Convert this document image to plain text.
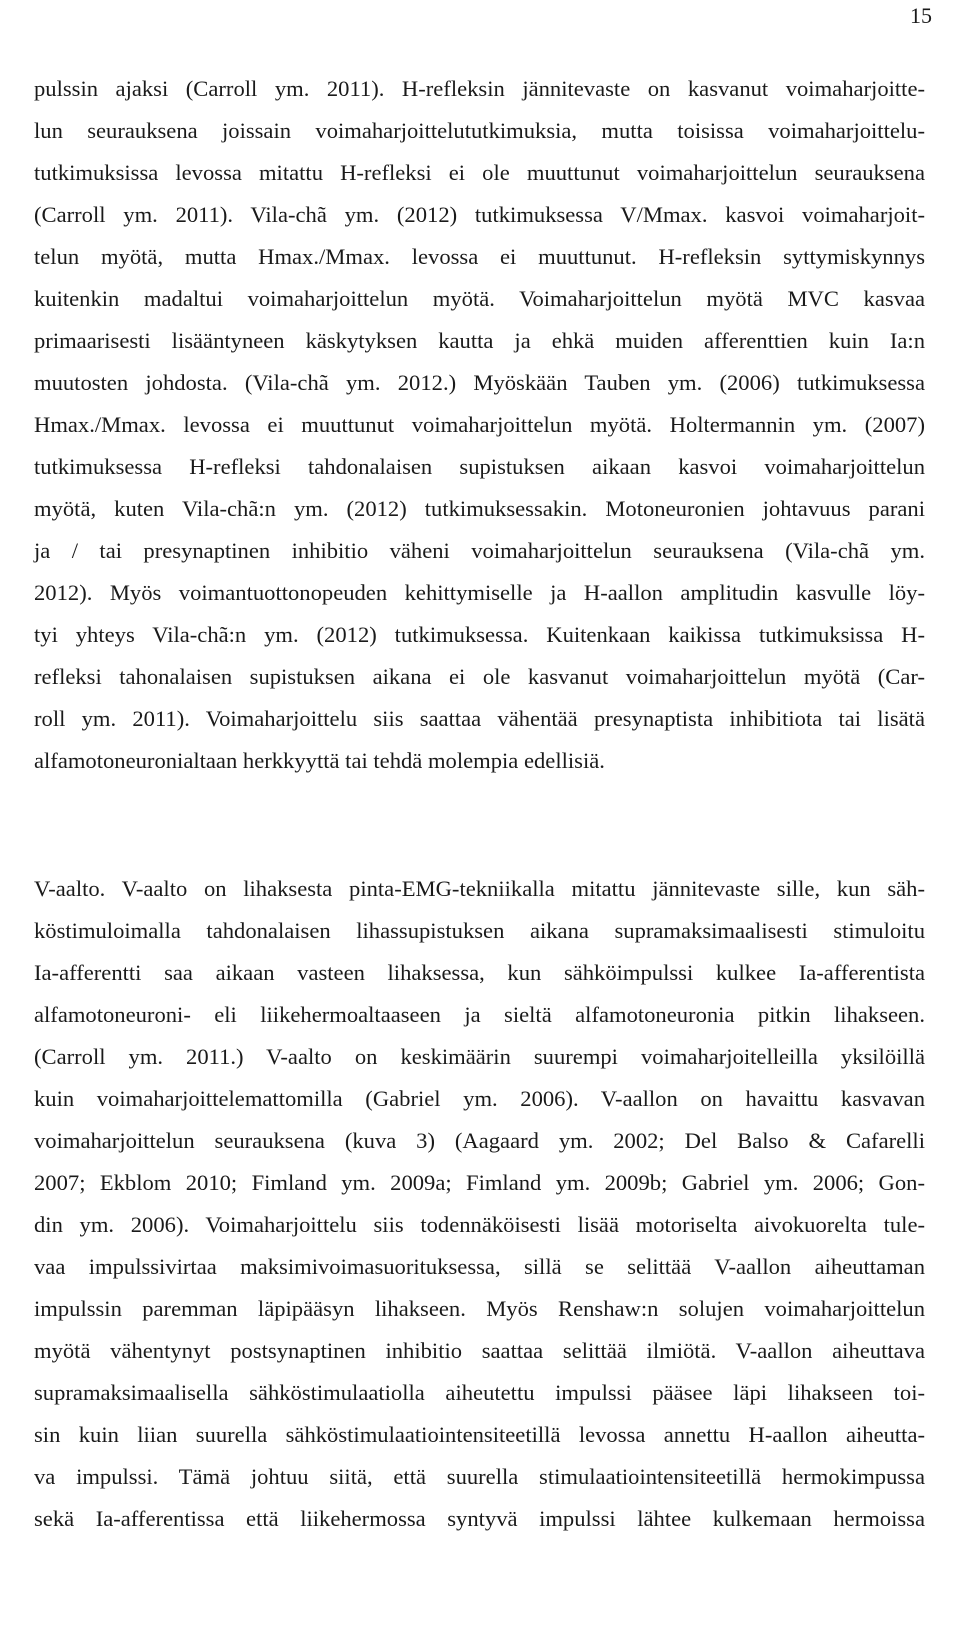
15
pulssin ajaksi (Carroll ym. 2011). H-refleksin jännitevaste on kasvanut voimaharjoitte-
lun seurauksena joissain voimaharjoittelututkimuksia, mutta toisissa voimaharjoittelu-
tutkimuksissa levossa mitattu H-refleksi ei ole muuttunut voimaharjoittelun seurauksena
(Carroll ym. 2011). Vila-chã ym. (2012) tutkimuksessa V/Mmax. kasvoi voimaharjoit-
telun myötä, mutta Hmax./Mmax. levossa ei muuttunut. H-refleksin syttymiskynnys
kuitenkin madaltui voimaharjoittelun myötä. Voimaharjoittelun myötä MVC kasvaa
primaarisesti lisääntyneen käskytyksen kautta ja ehkä muiden afferenttien kuin Ia:n
muutosten johdosta. (Vila-chã ym. 2012.) Myöskään Tauben ym. (2006) tutkimuksessa
Hmax./Mmax. levossa ei muuttunut voimaharjoittelun myötä. Holtermannin ym. (2007)
tutkimuksessa H-refleksi tahdonalaisen supistuksen aikaan kasvoi voimaharjoittelun
myötä, kuten Vila-chã:n ym. (2012) tutkimuksessakin. Motoneuronien johtavuus parani
ja / tai presynaptinen inhibitio väheni voimaharjoittelun seurauksena (Vila-chã ym.
2012). Myös voimantuottonopeuden kehittymiselle ja H-aallon amplitudin kasvulle löy-
tyi yhteys Vila-chã:n ym. (2012) tutkimuksessa. Kuitenkaan kaikissa tutkimuksissa H-
refleksi tahonalaisen supistuksen aikana ei ole kasvanut voimaharjoittelun myötä (Car-
roll ym. 2011). Voimaharjoittelu siis saattaa vähentää presynaptista inhibitiota tai lisätä
alfamotoneuronialtaan herkkyyttä tai tehdä molempia edellisiä.
V-aalto. V-aalto on lihaksesta pinta-EMG-tekniikalla mitattu jännitevaste sille, kun säh-
köstimuloimalla tahdonalaisen lihassupistuksen aikana supramaksimaalisesti stimuloitu
Ia-afferentti saa aikaan vasteen lihaksessa, kun sähköimpulssi kulkee Ia-afferentista
alfamotoneuroni- eli liikehermoaltaaseen ja sieltä alfamotoneuronia pitkin lihakseen.
(Carroll ym. 2011.) V-aalto on keskimäärin suurempi voimaharjoitelleilla yksilöillä
kuin voimaharjoittelemattomilla (Gabriel ym. 2006). V-aallon on havaittu kasvavan
voimaharjoittelun seurauksena (kuva 3) (Aagaard ym. 2002; Del Balso & Cafarelli
2007; Ekblom 2010; Fimland ym. 2009a; Fimland ym. 2009b; Gabriel ym. 2006; Gon-
din ym. 2006). Voimaharjoittelu siis todennäköisesti lisää motoriselta aivokuorelta tule-
vaa impulssivirtaa maksimivoimasuorituksessa, sillä se selittää V-aallon aiheuttaman
impulssin paremman läpipääsyn lihakseen. Myös Renshaw:n solujen voimaharjoittelun
myötä vähentynyt postsynaptinen inhibitio saattaa selittää ilmiötä. V-aallon aiheuttava
supramaksimaalisella sähköstimulaatiolla aiheutettu impulssi pääsee läpi lihakseen toi-
sin kuin liian suurella sähköstimulaatiointensiteetillä levossa annettu H-aallon aiheutta-
va impulssi. Tämä johtuu siitä, että suurella stimulaatiointensiteetillä hermokimpussa
sekä Ia-afferentissa että liikehermossa syntyvä impulssi lähtee kulkemaan hermoissa
